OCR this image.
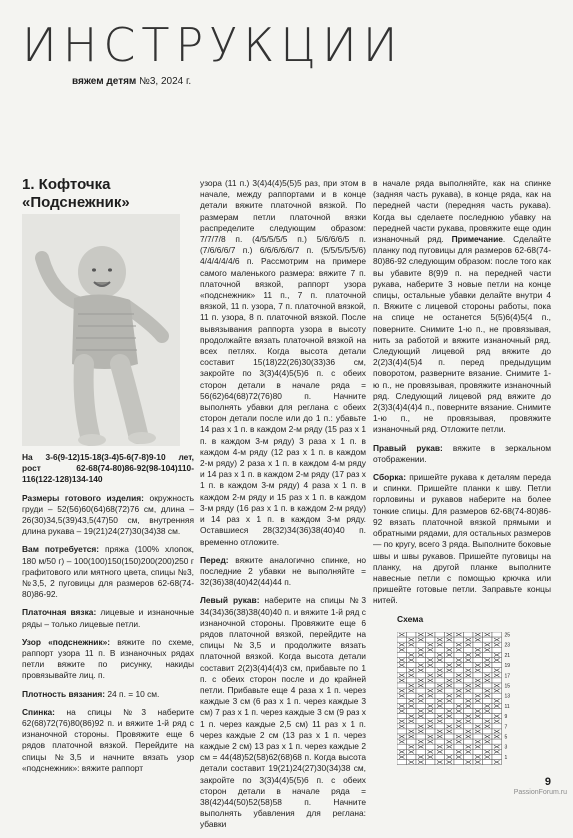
ИНСТРУКЦИИ
вяжем детям №3, 2024 г.
1. Кофточка
«Подснежник»

На 3-6(9-12)15-18(3-4)5-6(7-8)9-10 лет, рост 62-68(74-80)86-92(98-104)110-116(122-128)134-140

Размеры готового изделия: окружность груди – 52(56)60(64)68(72)76 см, длина – 26(30)34,5(39)43,5(47)50 см, внутренняя длина рукава – 19(21)24(27)30(34)38 см.

Вам потребуется: пряжа (100% хлопок, 180 м/50 г) – 100(100)150(150)200(200)250 г графитового или мятного цвета, спицы №3, №3,5, 2 пуговицы для размеров 62-68(74-80)86-92.

Платочная вязка: лицевые и изнаночные ряды – только лицевые петли.

Узор «подснежник»: вяжите по схеме, раппорт узора 11 п. В изнаночных рядах петли вяжите по рисунку, накиды провязывайте лиц. п.

Плотность вязания: 24 п. = 10 см.

Спинка: на спицы №3 наберите 62(68)72(76)80(86)92 п. и вяжите 1-й ряд с изнаночной стороны. Провяжите еще 6 рядов платочной вязкой. Перейдите на спицы №3,5 и начните вязать узор «подснежник»: вяжите раппорт

узора (11 п.) 3(4)4(4)5(5)5 раз, при этом в начале, между раппортами и в конце детали вяжите платочной вязкой. По размерам петли платочной вязки распределите следующим образом: 7/7/7/8 п. (4/5/5/5/5 п.) 5/6/6/6/5 п. (7/6/6/6/7 п.) 6/6/6/6/6/7 п. (5/5/5/5/5/6) 4/4/4/4/4/6 п. Рассмотрим на примере самого маленького размера: вяжите 7 п. платочной вязкой, раппорт узора «подснежник» 11 п., 7 п. платочной вязкой, 11 п. узора, 7 п. платочной вязкой, 11 п. узора, 8 п. платочной вязкой. После вывязывания раппорта узора в высоту продолжайте вязать платочной вязкой на всех петлях. Когда высота детали составит 15(18)22(26)30(33)36 см, закройте по 3(3)4(4)5(5)6 п. с обеих сторон детали в начале ряда = 56(62)64(68)72(76)80 п. Начните выполнять убавки для реглана с обеих сторон детали после или до 1 п.: убавьте 14 раз х 1 п. в каждом 2-м ряду (15 раз х 1 п. в каждом 3-м ряду) 3 раза х 1 п. в каждом 4-м ряду (12 раз х 1 п. в каждом 2-м ряду) 2 раза х 1 п. в каждом 4-м ряду и 14 раз х 1 п. в каждом 2-м ряду (17 раз х 1 п. в каждом 3-м ряду) 4 раза х 1 п. в каждом 2-м ряду и 15 раз х 1 п. в каждом 3-м ряду (16 раз х 1 п. в каждом 2-м ряду) и 14 раз х 1 п. в каждом 3-м ряду. Оставшиеся 28(32)34(36)38(40)40 п. временно отложите.

Перед: вяжите аналогично спинке, но последние 2 убавки не выполняйте = 32(36)38(40)42(44)44 п.

Левый рукав: наберите на спицы №3 34(34)36(38)38(40)40 п. и вяжите 1-й ряд с изнаночной стороны. Провяжите еще 6 рядов платочной вязкой, перейдите на спицы №3,5 и продолжите вязать платочной вязкой. Когда высота детали составит 2(2)3(4)4(4)3 см, прибавьте по 1 п. с обеих сторон после и до крайней петли. Прибавьте еще 4 раза х 1 п. через каждые 3 см (6 раз х 1 п. через каждые 3 см) 7 раз х 1 п. через каждые 3 см (9 раз х 1 п. через каждые 2,5 см) 11 раз х 1 п. через каждые 2 см (13 раз х 1 п. через каждые 2 см) 13 раз х 1 п. через каждые 2 см = 44(48)52(58)62(68)68 п. Когда высота детали составит 19(21)24(27)30(34)38 см, закройте по 3(3)4(4)5(5)6 п. с обеих сторон детали в начале ряда = 38(42)44(50)52(58)58 п. Начните выполнять убавления для реглана: убавки

в начале ряда выполняйте, как на спинке (задняя часть рукава), в конце ряда, как на передней части (передняя часть рукава). Когда вы сделаете последнюю убавку на передней части рукава, провяжите еще один изнаночный ряд. Примечание. Сделайте планку под пуговицы для размеров 62-68(74-80)86-92 следующим образом: после того как вы убавите 8(9)9 п. на передней части рукава, наберите 3 новые петли на конце спицы, остальные убавки делайте внутри 4 п. Вяжите с лицевой стороны работы, пока на спице не останется 5(5)6(4)5(4 п., поверните. Снимите 1-ю п., не провязывая, нить за работой и вяжите изнаночный ряд. Следующий лицевой ряд вяжите до 2(2)3(4)4(5)4 п. перед предыдущим поворотом, разверните вязание. Снимите 1-ю п., не провязывая, провяжите изнаночный ряд. Следующий лицевой ряд вяжите до 2(3)3(4)4(4)4 п., поверните вязание. Снимите 1-ю п., не провязывая, провяжите изнаночный ряд. Отложите петли.

Правый рукав: вяжите в зеркальном отображении.

Сборка: пришейте рукава к деталям переда и спинки. Пришейте планки к шву. Петли горловины и рукавов наберите на более тонкие спицы. Для размеров 62-68(74-80)86-92 вязать платочной вязкой прямыми и обратными рядами, для остальных размеров — по кругу, всего 3 ряда. Выполните боковые швы и швы рукавов. Пришейте пуговицы на планку, на другой планке выполните навесные петли с помощью крючка или пришейте готовые петли. Заправьте концы нитей.

Схема
25
23
21
19
17
15
13
11
9
7
5
3
1
9
PassionForum.ru
